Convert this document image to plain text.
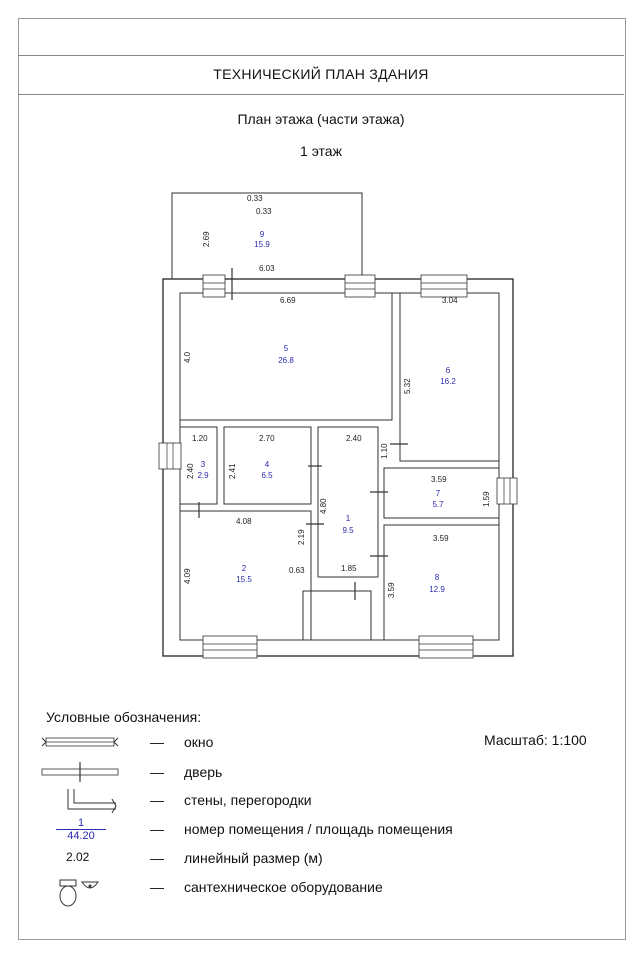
ТЕХНИЧЕСКИЙ ПЛАН ЗДАНИЯ
План этажа (части этажа)
1 этаж
9
15.9
5
26.8
6
16.2
3
2.9
4
6.5
1
9.5
7
5.7
2
15.5	8
12.9
0.33
0.33
2.69
6.03
6.69	3.04
4.0
5.32
1.20	2.70	2.40
1.10
2.40	2.41
3.59
1.59
4.80
4.08
2.19	3.59
4.09	0.63	1.85
3.59
Условные обозначения:
Масштаб: 1:100
1
44.20
2.02
— окно
— дверь
— стены, перегородки
— номер помещения / площадь помещения
— линейный размер (м)
— сантехническое оборудование
